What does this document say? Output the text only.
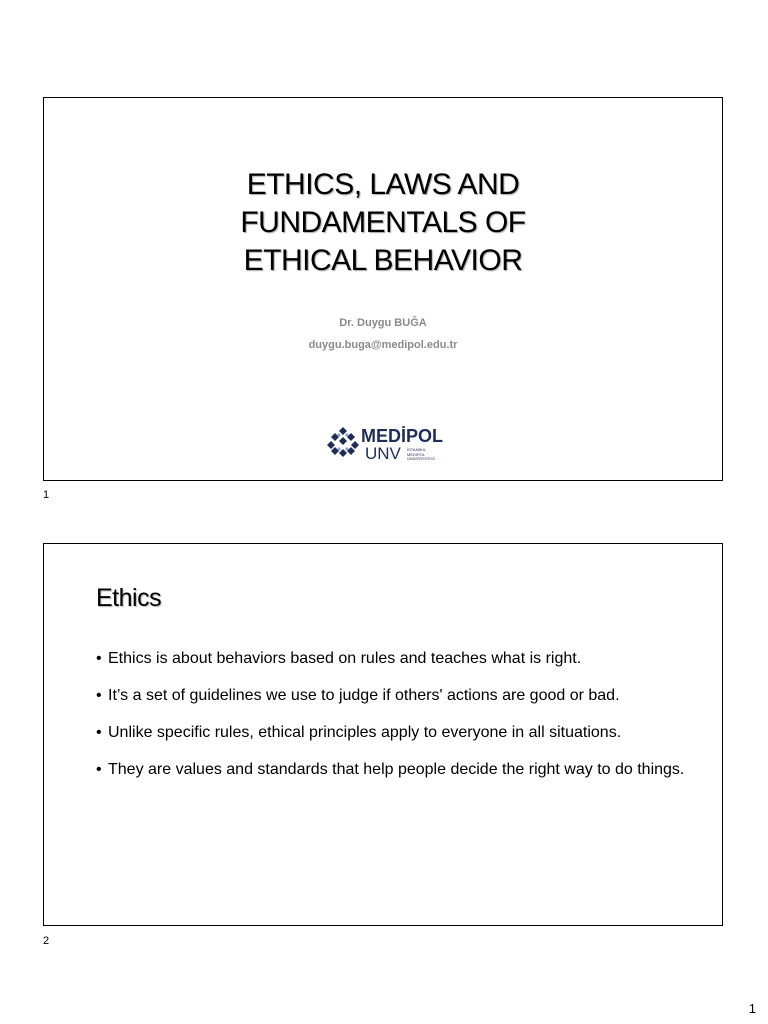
ETHICS, LAWS AND
FUNDAMENTALS OF
ETHICAL BEHAVIOR
Dr. Duygu BUĞA
duygu.buga@medipol.edu.tr
MEDİPOL
UNV İSTANBUL
MEDİPOL
ÜNİVERSİTESİ
1
Ethics
• Ethics is about behaviors based on rules and teaches what is right.
• It’s a set of guidelines we use to judge if others' actions are good or bad.
• Unlike specific rules, ethical principles apply to everyone in all situations.
• They are values and standards that help people decide the right way to do things.
2
1
